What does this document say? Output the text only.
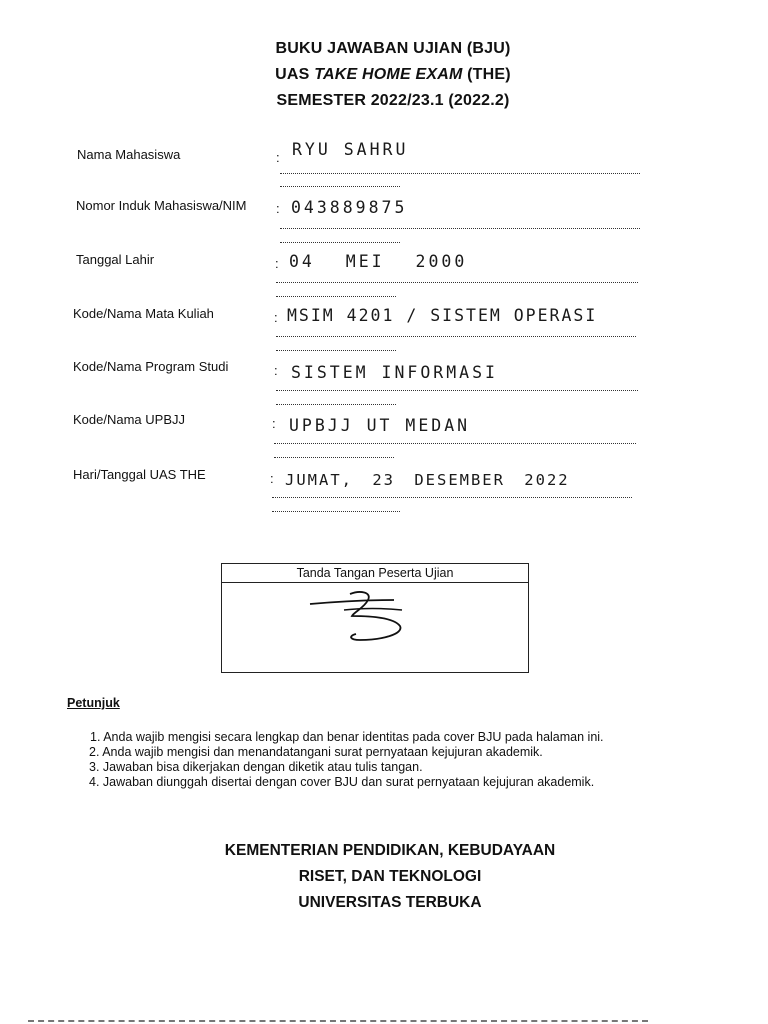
BUKU JAWABAN UJIAN (BJU)
UAS TAKE HOME EXAM (THE)
SEMESTER 2022/23.1 (2022.2)
Nama Mahasiswa	: RYU SAHRU
Nomor Induk Mahasiswa/NIM : 043889875
Tanggal Lahir	: 04 MEI 2000
Kode/Nama Mata Kuliah	: MSIM 4201 / SISTEM OPERASI
Kode/Nama Program Studi	: SISTEM INFORMASI
Kode/Nama UPBJJ	: UPBJJ UT MEDAN
Hari/Tanggal UAS THE	: JUMAT, 23 DESEMBER 2022
Tanda Tangan Peserta Ujian
Petunjuk
1. Anda wajib mengisi secara lengkap dan benar identitas pada cover BJU pada halaman ini.
2. Anda wajib mengisi dan menandatangani surat pernyataan kejujuran akademik.
3. Jawaban bisa dikerjakan dengan diketik atau tulis tangan.
4. Jawaban diunggah disertai dengan cover BJU dan surat pernyataan kejujuran akademik.
KEMENTERIAN PENDIDIKAN, KEBUDAYAAN
RISET, DAN TEKNOLOGI
UNIVERSITAS TERBUKA
